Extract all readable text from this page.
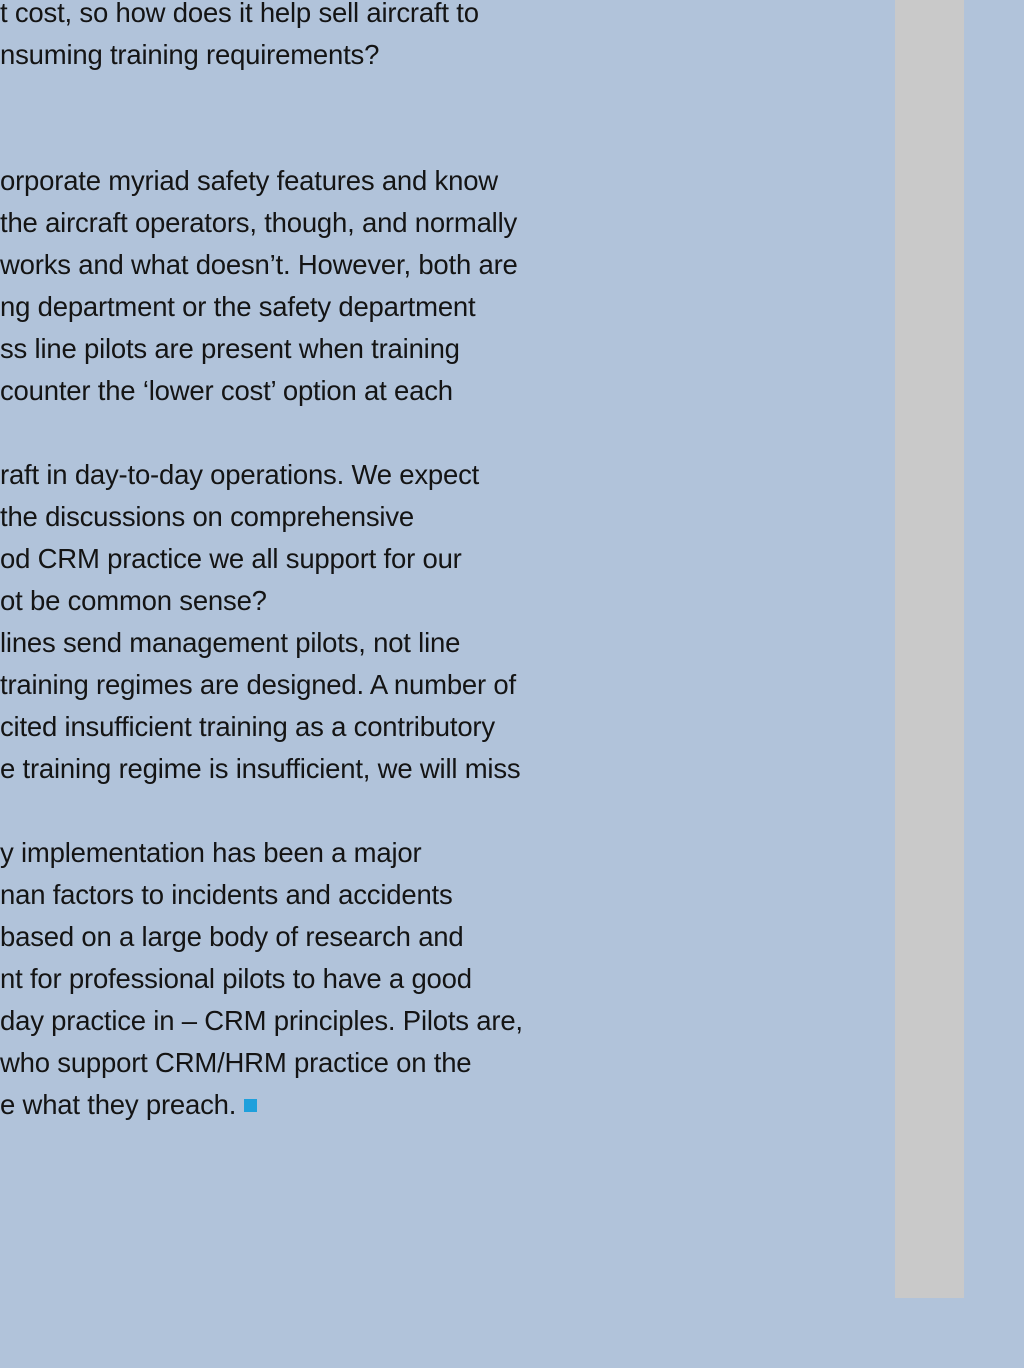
t cost, so how does it help sell aircraft to
nsuming training requirements?
orporate myriad safety features and know
the aircraft operators, though, and normally
works and what doesn’t. However, both are
ng department or the safety department
ss line pilots are present when training
counter the ‘lower cost’ option at each
raft in day-to-day operations. We expect
the discussions on comprehensive
od CRM practice we all support for our
ot be common sense?
lines send management pilots, not line
training regimes are designed. A number of
cited insufficient training as a contributory
e training regime is insufficient, we will miss
y implementation has been a major
nan factors to incidents and accidents
based on a large body of research and
nt for professional pilots to have a good
day practice in – CRM principles. Pilots are,
who support CRM/HRM practice on the
e what they preach.
